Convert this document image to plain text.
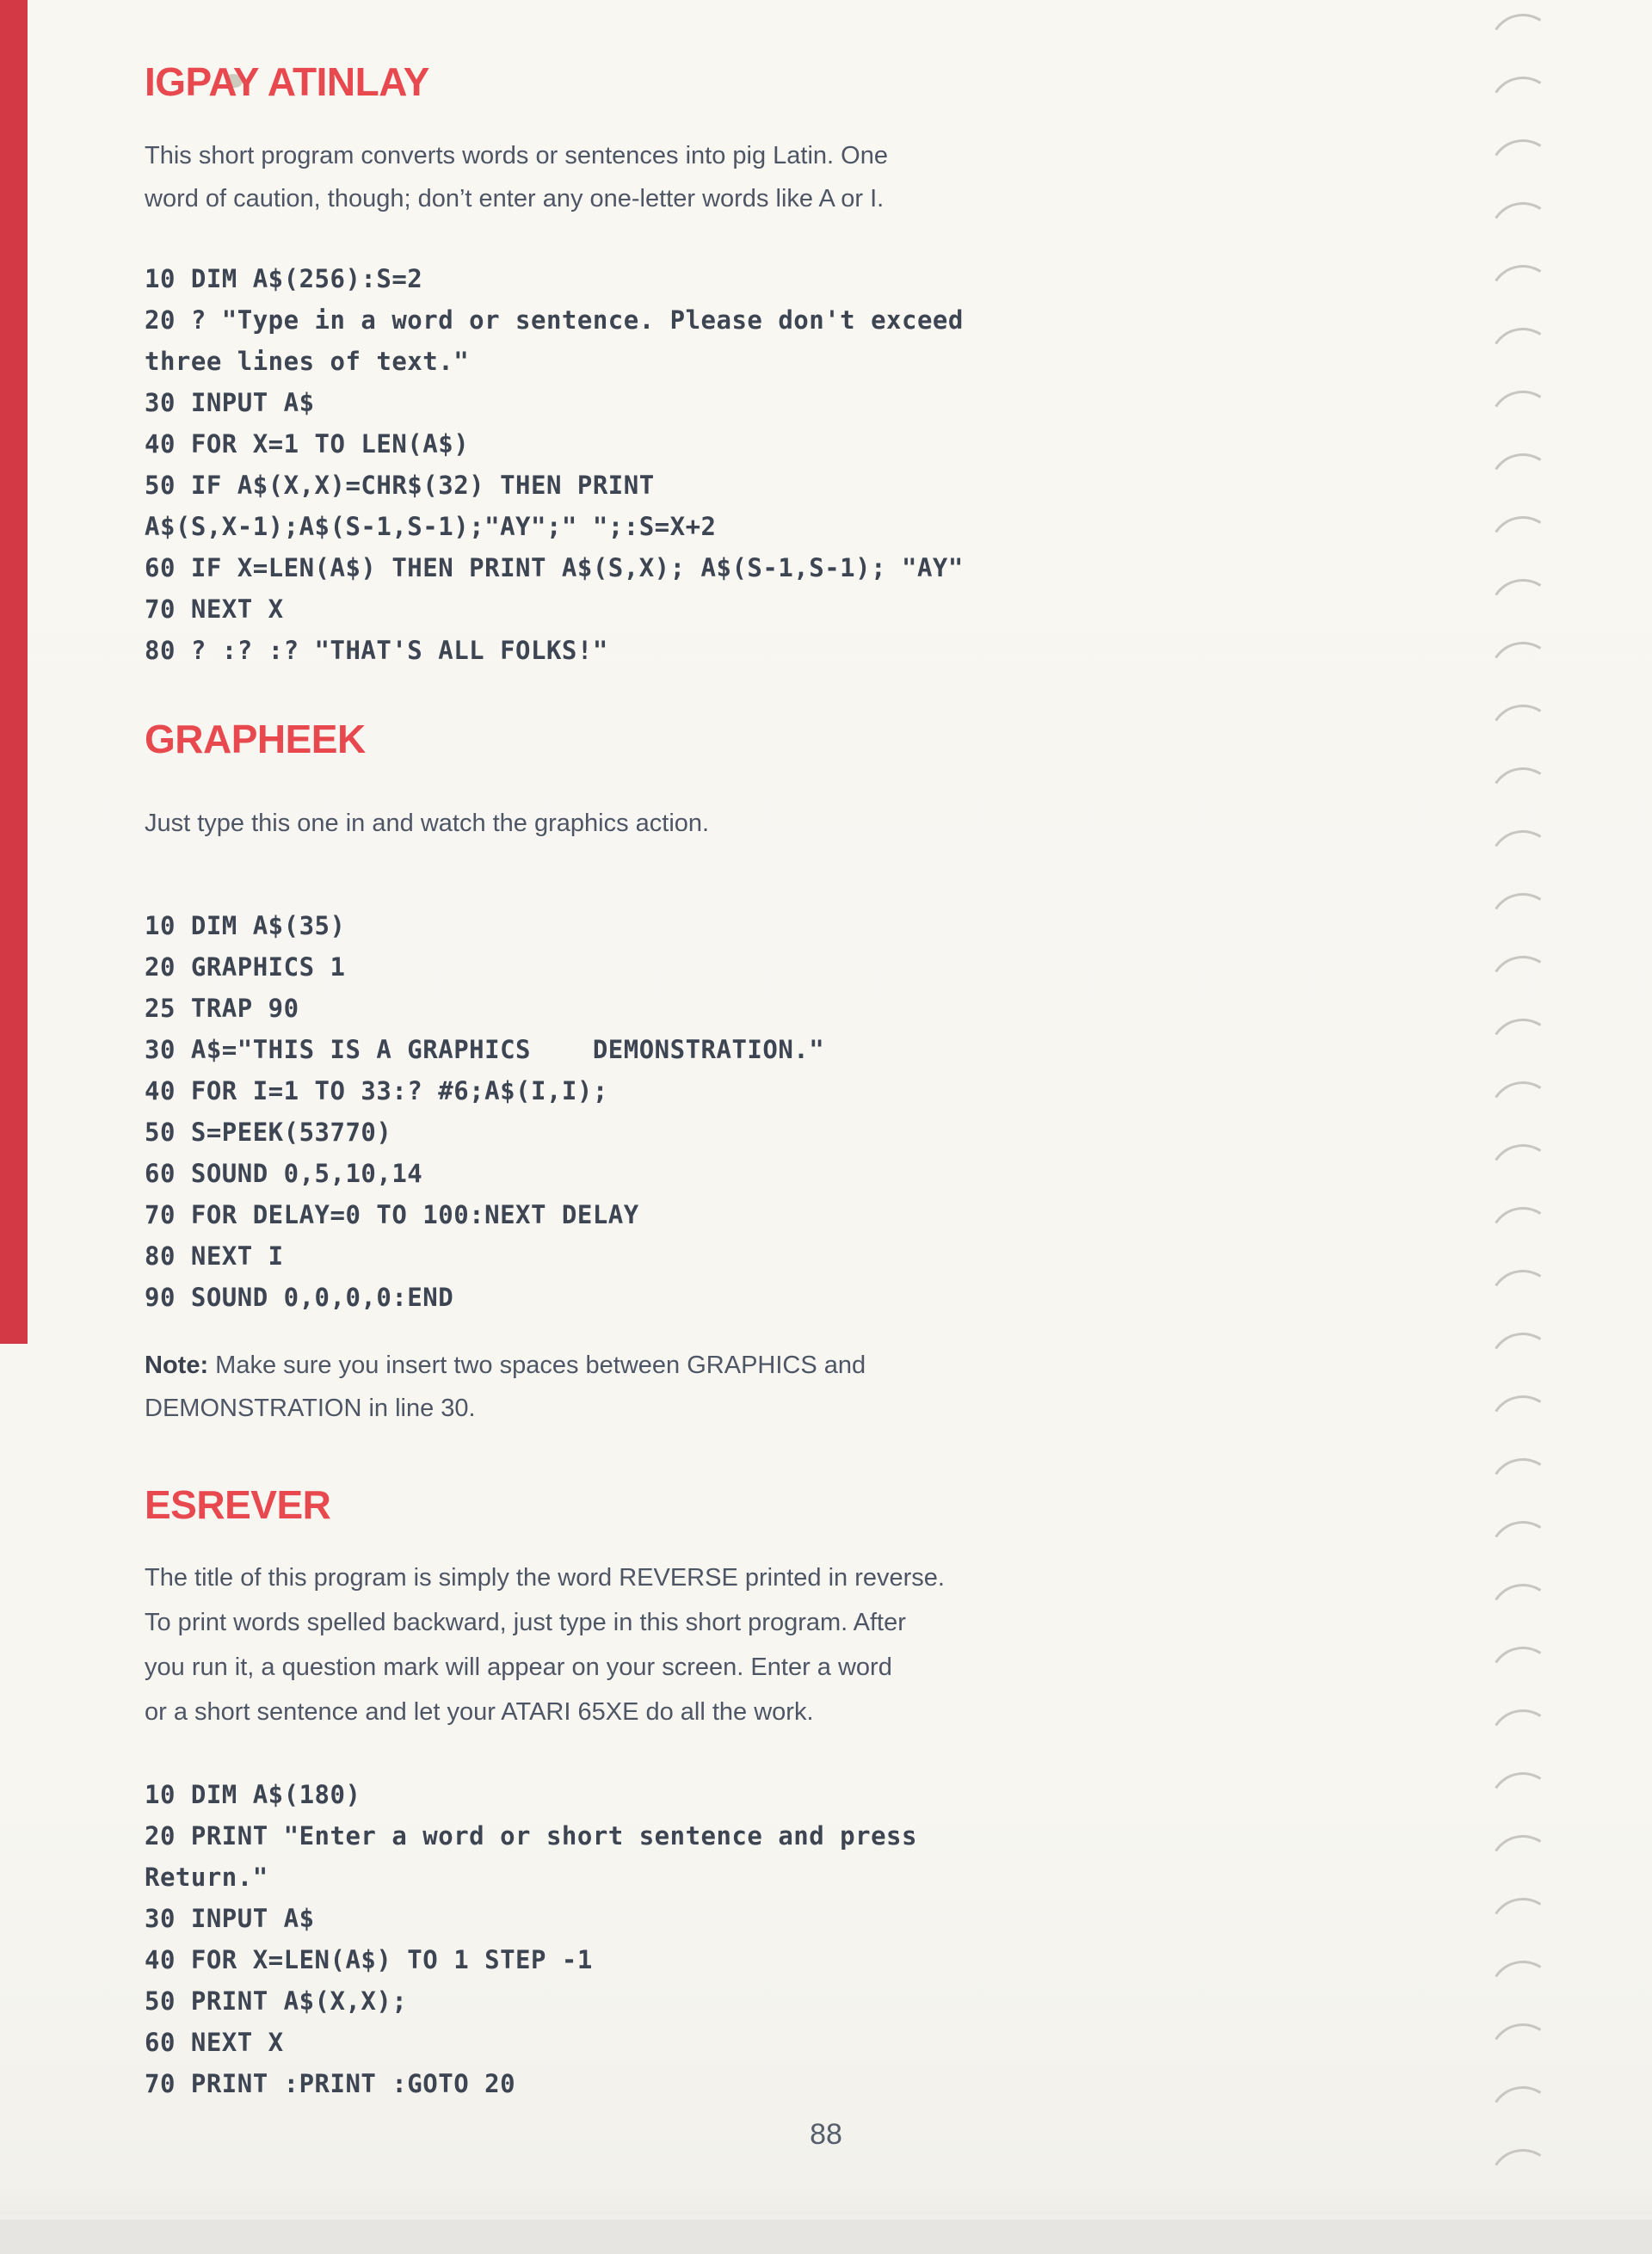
IGPAY ATINLAY
This short program converts words or sentences into pig Latin. One
word of caution, though; don’t enter any one-letter words like A or I.
10 DIM A$(256):S=2
20 ? "Type in a word or sentence. Please don't exceed
three lines of text."
30 INPUT A$
40 FOR X=1 TO LEN(A$)
50 IF A$(X,X)=CHR$(32) THEN PRINT
A$(S,X-1);A$(S-1,S-1);"AY";" ";:S=X+2
60 IF X=LEN(A$) THEN PRINT A$(S,X); A$(S-1,S-1); "AY"
70 NEXT X
80 ? :? :? "THAT'S ALL FOLKS!"
GRAPHEEK
Just type this one in and watch the graphics action.
10 DIM A$(35)
20 GRAPHICS 1
25 TRAP 90
30 A$="THIS IS A GRAPHICS    DEMONSTRATION."
40 FOR I=1 TO 33:? #6;A$(I,I);
50 S=PEEK(53770)
60 SOUND 0,5,10,14
70 FOR DELAY=0 TO 100:NEXT DELAY
80 NEXT I
90 SOUND 0,0,0,0:END
Note: Make sure you insert two spaces between GRAPHICS and
DEMONSTRATION in line 30.
ESREVER
The title of this program is simply the word REVERSE printed in reverse.
To print words spelled backward, just type in this short program. After
you run it, a question mark will appear on your screen. Enter a word
or a short sentence and let your ATARI 65XE do all the work.
10 DIM A$(180)
20 PRINT "Enter a word or short sentence and press
Return."
30 INPUT A$
40 FOR X=LEN(A$) TO 1 STEP -1
50 PRINT A$(X,X);
60 NEXT X
70 PRINT :PRINT :GOTO 20
88
